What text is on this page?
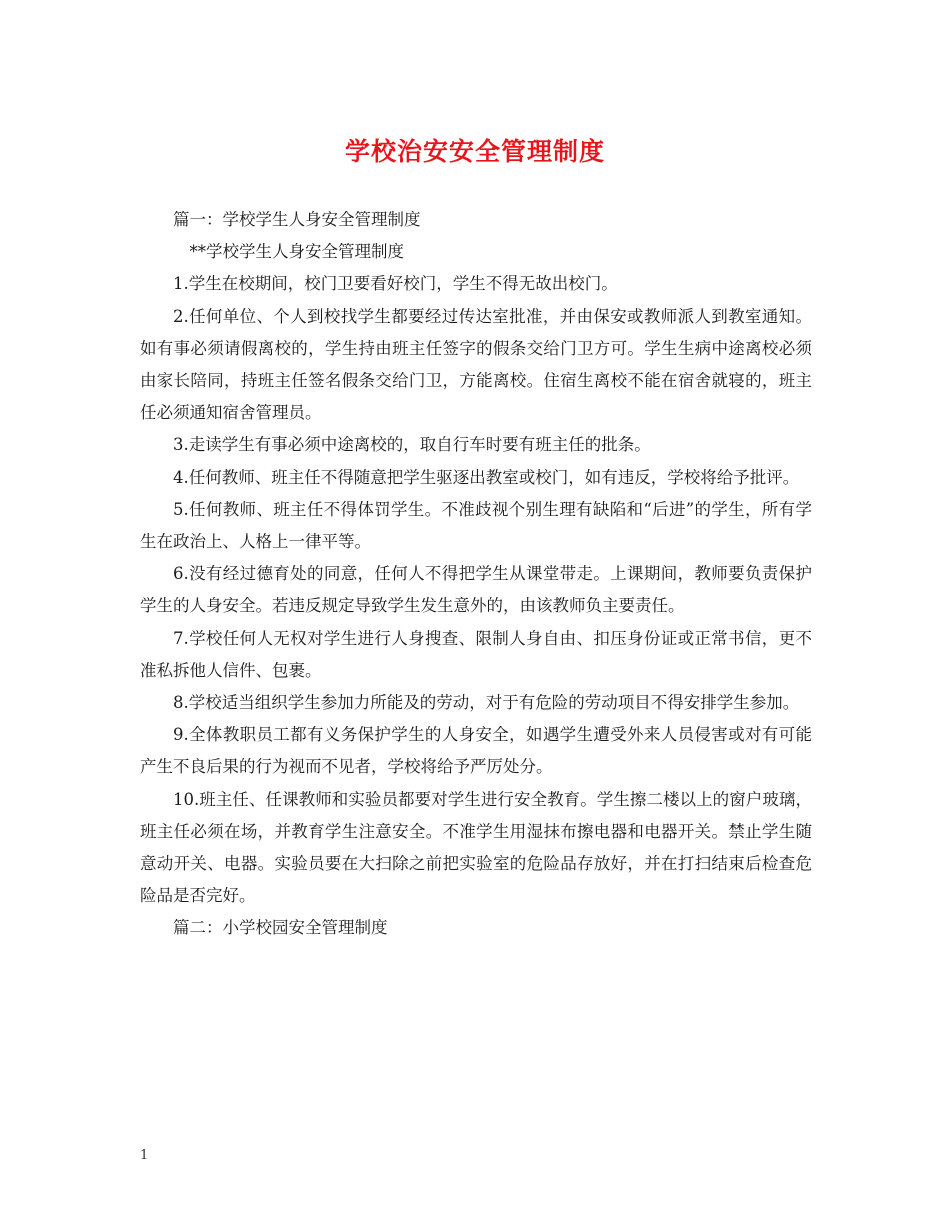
学校治安安全管理制度

篇一：学校学生人身安全管理制度

**学校学生人身安全管理制度

1.学生在校期间，校门卫要看好校门，学生不得无故出校门。

2.任何单位、个人到校找学生都要经过传达室批准，并由保安或教师派人到教室通知。如有事必须请假离校的，学生持由班主任签字的假条交给门卫方可。学生生病中途离校必须由家长陪同，持班主任签名假条交给门卫，方能离校。住宿生离校不能在宿舍就寝的，班主任必须通知宿舍管理员。

3.走读学生有事必须中途离校的，取自行车时要有班主任的批条。

4.任何教师、班主任不得随意把学生驱逐出教室或校门，如有违反，学校将给予批评。

5.任何教师、班主任不得体罚学生。不准歧视个别生理有缺陷和“后进”的学生，所有学生在政治上、人格上一律平等。

6.没有经过德育处的同意，任何人不得把学生从课堂带走。上课期间，教师要负责保护学生的人身安全。若违反规定导致学生发生意外的，由该教师负主要责任。

7.学校任何人无权对学生进行人身搜查、限制人身自由、扣压身份证或正常书信，更不准私拆他人信件、包裹。

8.学校适当组织学生参加力所能及的劳动，对于有危险的劳动项目不得安排学生参加。

9.全体教职员工都有义务保护学生的人身安全，如遇学生遭受外来人员侵害或对有可能产生不良后果的行为视而不见者，学校将给予严厉处分。

10.班主任、任课教师和实验员都要对学生进行安全教育。学生擦二楼以上的窗户玻璃，班主任必须在场，并教育学生注意安全。不准学生用湿抹布擦电器和电器开关。禁止学生随意动开关、电器。实验员要在大扫除之前把实验室的危险品存放好，并在打扫结束后检查危险品是否完好。

篇二：小学校园安全管理制度

1
